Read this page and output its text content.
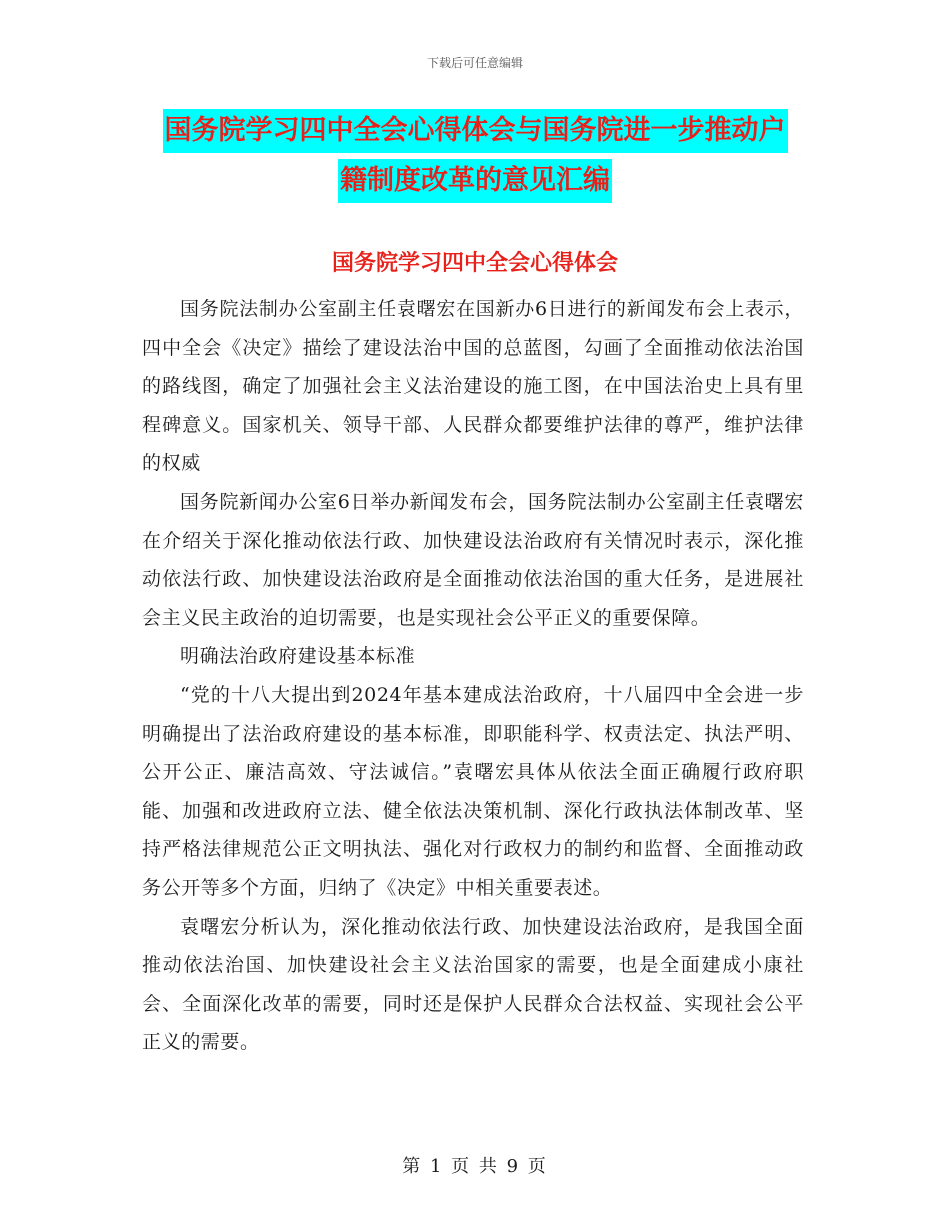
下载后可任意编辑
国务院学习四中全会心得体会与国务院进一步推动户
籍制度改革的意见汇编
国务院学习四中全会心得体会

国务院法制办公室副主任袁曙宏在国新办6日进行的新闻发布会上表示，四中全会《决定》描绘了建设法治中国的总蓝图，勾画了全面推动依法治国的路线图，确定了加强社会主义法治建设的施工图，在中国法治史上具有里程碑意义。国家机关、领导干部、人民群众都要维护法律的尊严，维护法律的权威

国务院新闻办公室6日举办新闻发布会，国务院法制办公室副主任袁曙宏在介绍关于深化推动依法行政、加快建设法治政府有关情况时表示，深化推动依法行政、加快建设法治政府是全面推动依法治国的重大任务，是进展社会主义民主政治的迫切需要，也是实现社会公平正义的重要保障。

明确法治政府建设基本标准

“党的十八大提出到2024年基本建成法治政府，十八届四中全会进一步明确提出了法治政府建设的基本标准，即职能科学、权责法定、执法严明、公开公正、廉洁高效、守法诚信。”袁曙宏具体从依法全面正确履行政府职能、加强和改进政府立法、健全依法决策机制、深化行政执法体制改革、坚持严格法律规范公正文明执法、强化对行政权力的制约和监督、全面推动政务公开等多个方面，归纳了《决定》中相关重要表述。

袁曙宏分析认为，深化推动依法行政、加快建设法治政府，是我国全面推动依法治国、加快建设社会主义法治国家的需要，也是全面建成小康社会、全面深化改革的需要，同时还是保护人民群众合法权益、实现社会公平正义的需要。

第 1 页 共 9 页
